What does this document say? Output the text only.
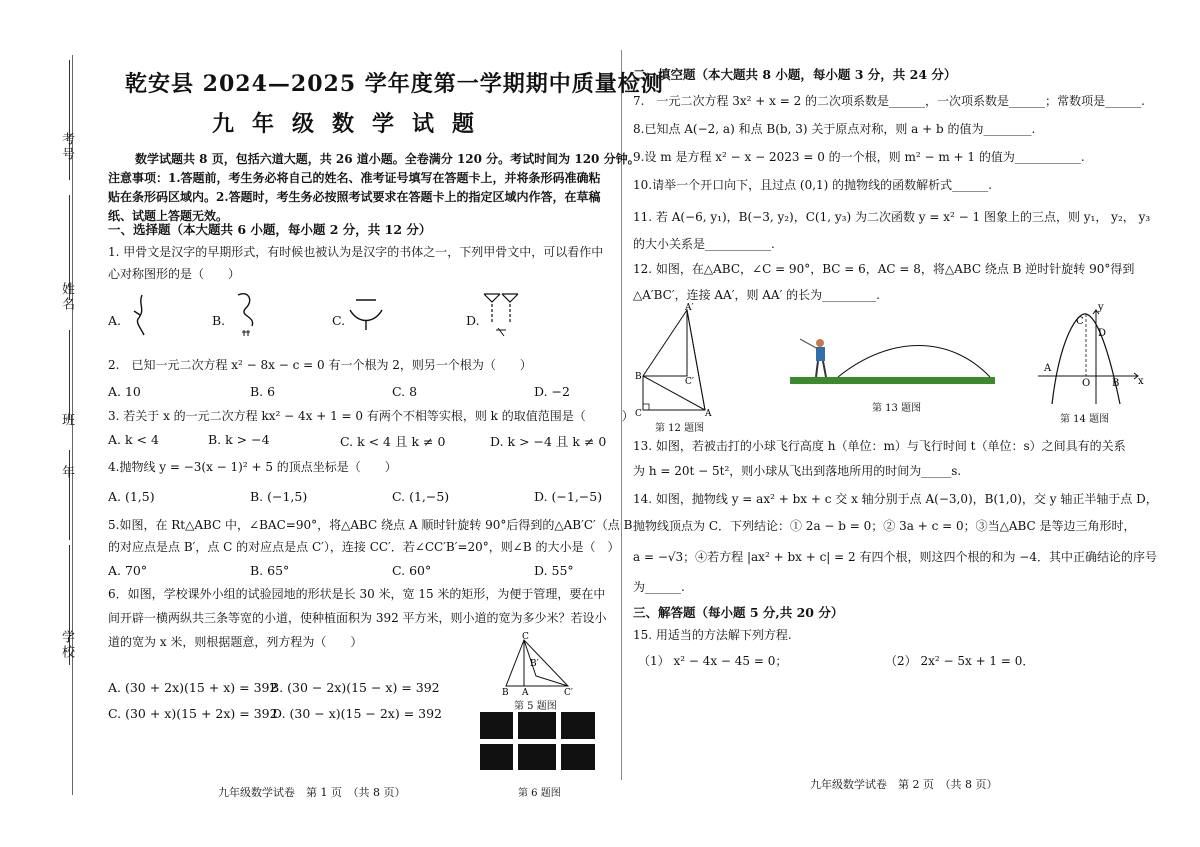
考号
姓名
班
年
学校
乾安县 2024—2025 学年度第一学期期中质量检测
九年级数学试题
数学试题共 8 页，包括六道大题，共 26 道小题。全卷满分 120 分。考试时间为 120 分钟。
注意事项：1.答题前，考生务必将自己的姓名、准考证号填写在答题卡上，并将条形码准确粘
贴在条形码区域内。2.答题时，考生务必按照考试要求在答题卡上的指定区域内作答，在草稿
纸、试题上答题无效。
一、选择题（本大题共 6 小题，每小题 2 分，共 12 分）
1. 甲骨文是汉字的早期形式，有时候也被认为是汉字的书体之一，下列甲骨文中，可以看作中
心对称图形的是（　　）
A.	B.	C.	D.
2.　已知一元二次方程 x² − 8x − c = 0 有一个根为 2，则另一个根为（　　）
A. 10	B. 6	C. 8	D. −2
3. 若关于 x 的一元二次方程 kx² − 4x + 1 = 0 有两个不相等实根，则 k 的取值范围是（　　　）
A. k < 4	B. k > −4	C. k < 4 且 k ≠ 0	D. k > −4 且 k ≠ 0
4.抛物线 y = −3(x − 1)² + 5 的顶点坐标是（　　）
A. (1,5)	B. (−1,5)	C. (1,−5)	D. (−1,−5)
5.如图，在 Rt△ABC 中，∠BAC=90°，将△ABC 绕点 A 顺时针旋转 90°后得到的△AB′C′（点 B
的对应点是点 B′，点 C 的对应点是点 C′），连接 CC′．若∠CC′B′=20°，则∠B 的大小是（　）
A. 70°	B. 65°	C. 60°	D. 55°
6．如图，学校课外小组的试验园地的形状是长 30 米，宽 15 米的矩形，为便于管理，要在中
间开辟一横两纵共三条等宽的小道，使种植面积为 392 平方米，则小道的宽为多少米？若设小
道的宽为 x 米，则根据题意，列方程为（　　）
A. (30 + 2x)(15 + x) = 392
B. (30 − 2x)(15 − x) = 392
C. (30 + x)(15 + 2x) = 392
D. (30 − x)(15 − 2x) = 392
C
B A	C′
B′
第 5 题图
第 6 题图
九年级数学试卷　第 1 页　（共 8 页）
二、填空题（本大题共 8 小题，每小题 3 分，共 24 分）
7.　一元二次方程 3x² + x = 2 的二次项系数是______，一次项系数是______；常数项是______.
8.已知点 A(−2, a) 和点 B(b, 3) 关于原点对称，则 a + b 的值为________.
9.设 m 是方程 x² − x − 2023 = 0 的一个根，则 m² − m + 1 的值为___________.
10.请举一个开口向下，且过点 (0,1) 的抛物线的函数解析式______.
11. 若 A(−6, y₁)，B(−3, y₂)，C(1, y₃) 为二次函数 y = x² − 1 图象上的三点，则 y₁， y₂， y₃
的大小关系是___________.
12. 如图，在△ABC，∠C = 90°，BC = 6，AC = 8，将△ABC 绕点 B 逆时针旋转 90°得到
△A′BC′，连接 AA′，则 AA′ 的长为_________.
A′
B
C	A
C′
第 12 题图
第 13 题图
C
D
A
O B x
y
第 14 题图
13. 如图，若被击打的小球飞行高度 h（单位：m）与飞行时间 t（单位：s）之间具有的关系
为 h = 20t − 5t²，则小球从飞出到落地所用的时间为_____s.
14. 如图，抛物线 y = ax² + bx + c 交 x 轴分别于点 A(−3,0)，B(1,0)，交 y 轴正半轴于点 D，
抛物线顶点为 C．下列结论：① 2a − b = 0；② 3a + c = 0；③当△ABC 是等边三角形时，
a = −√3；④若方程 |ax² + bx + c| = 2 有四个根，则这四个根的和为 −4．其中正确结论的序号
为______.
三、解答题（每小题 5 分,共 20 分）
15. 用适当的方法解下列方程.
（1） x² − 4x − 45 = 0；	（2） 2x² − 5x + 1 = 0．
九年级数学试卷　第 2 页　（共 8 页）
